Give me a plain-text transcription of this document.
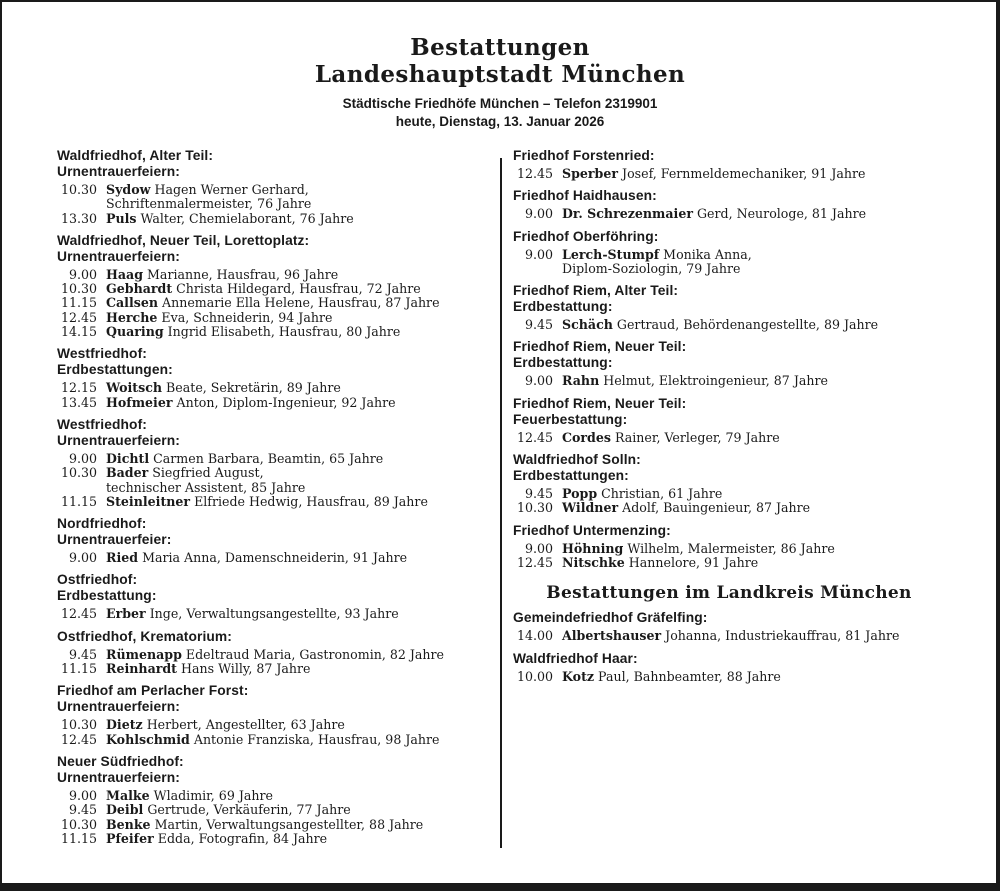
Bestattungen
Landeshauptstadt München
Städtische Friedhöfe München – Telefon 2319901
heute, Dienstag, 13. Januar 2026
Waldfriedhof, Alter Teil:
Urnentrauerfeiern:
10.30 Sydow Hagen Werner Gerhard,
Schriftenmalermeister, 76 Jahre
13.30 Puls Walter, Chemielaborant, 76 Jahre
Waldfriedhof, Neuer Teil, Lorettoplatz:
Urnentrauerfeiern:
9.00 Haag Marianne, Hausfrau, 96 Jahre
10.30 Gebhardt Christa Hildegard, Hausfrau, 72 Jahre
11.15 Callsen Annemarie Ella Helene, Hausfrau, 87 Jahre
12.45 Herche Eva, Schneiderin, 94 Jahre
14.15 Quaring Ingrid Elisabeth, Hausfrau, 80 Jahre
Westfriedhof:
Erdbestattungen:
12.15 Woitsch Beate, Sekretärin, 89 Jahre
13.45 Hofmeier Anton, Diplom-Ingenieur, 92 Jahre
Westfriedhof:
Urnentrauerfeiern:
9.00 Dichtl Carmen Barbara, Beamtin, 65 Jahre
10.30 Bader Siegfried August,
technischer Assistent, 85 Jahre
11.15 Steinleitner Elfriede Hedwig, Hausfrau, 89 Jahre
Nordfriedhof:
Urnentrauerfeier:
9.00 Ried Maria Anna, Damenschneiderin, 91 Jahre
Ostfriedhof:
Erdbestattung:
12.45 Erber Inge, Verwaltungsangestellte, 93 Jahre
Ostfriedhof, Krematorium:
9.45 Rümenapp Edeltraud Maria, Gastronomin, 82 Jahre
11.15 Reinhardt Hans Willy, 87 Jahre
Friedhof am Perlacher Forst:
Urnentrauerfeiern:
10.30 Dietz Herbert, Angestellter, 63 Jahre
12.45 Kohlschmid Antonie Franziska, Hausfrau, 98 Jahre
Neuer Südfriedhof:
Urnentrauerfeiern:
9.00 Malke Wladimir, 69 Jahre
9.45 Deibl Gertrude, Verkäuferin, 77 Jahre
10.30 Benke Martin, Verwaltungsangestellter, 88 Jahre
11.15 Pfeifer Edda, Fotografin, 84 Jahre
Friedhof Forstenried:
12.45 Sperber Josef, Fernmeldemechaniker, 91 Jahre
Friedhof Haidhausen:
9.00 Dr. Schrezenmaier Gerd, Neurologe, 81 Jahre
Friedhof Oberföhring:
9.00 Lerch-Stumpf Monika Anna,
Diplom-Soziologin, 79 Jahre
Friedhof Riem, Alter Teil:
Erdbestattung:
9.45 Schäch Gertraud, Behördenangestellte, 89 Jahre
Friedhof Riem, Neuer Teil:
Erdbestattung:
9.00 Rahn Helmut, Elektroingenieur, 87 Jahre
Friedhof Riem, Neuer Teil:
Feuerbestattung:
12.45 Cordes Rainer, Verleger, 79 Jahre
Waldfriedhof Solln:
Erdbestattungen:
9.45 Popp Christian, 61 Jahre
10.30 Wildner Adolf, Bauingenieur, 87 Jahre
Friedhof Untermenzing:
9.00 Höhning Wilhelm, Malermeister, 86 Jahre
12.45 Nitschke Hannelore, 91 Jahre
Bestattungen im Landkreis München
Gemeindefriedhof Gräfelfing:
14.00 Albertshauser Johanna, Industriekauffrau, 81 Jahre
Waldfriedhof Haar:
10.00 Kotz Paul, Bahnbeamter, 88 Jahre
